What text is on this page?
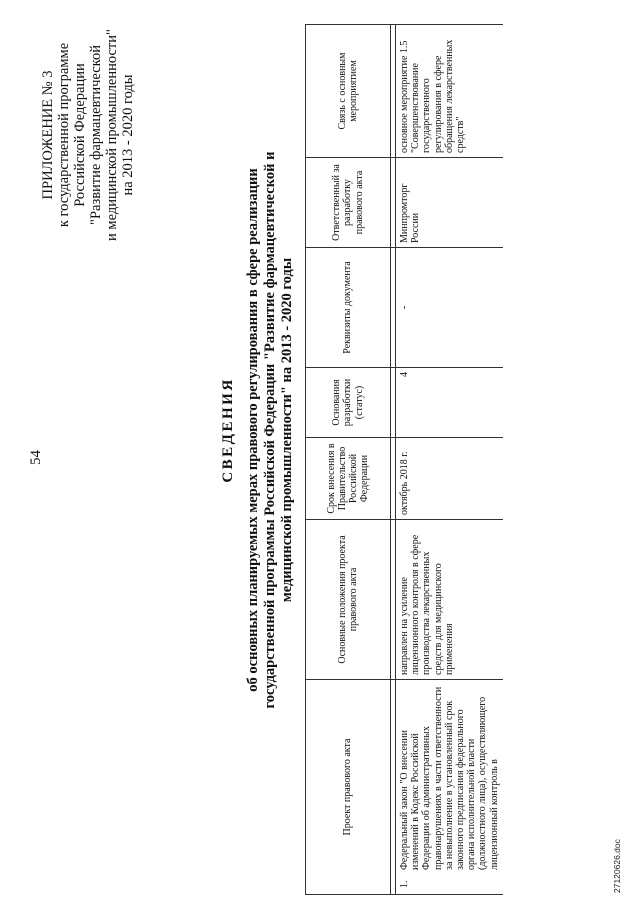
54
ПРИЛОЖЕНИЕ № 3 к государственной программе Российской Федерации "Развитие фармацевтической и медицинской промышленности" на 2013 - 2020 годы
СВЕДЕНИЯ об основных планируемых мерах правового регулирования в сфере реализации государственной программы Российской Федерации "Развитие фармацевтической и медицинской промышленности" на 2013 - 2020 годы
Проект правового акта	Основные положения проекта правового акта	Срок внесения в Правительство Российской Федерации	Основания разработки (статус)	Реквизиты документа	Ответственный за разработку правового акта	Связь с основным мероприятием

1.
Федеральный закон "О внесении изменений в Кодекс Российской Федерации об административных правонарушениях в части ответственности за невыполнение в установленный срок законного предписания федерального органа исполнительной власти (должностного лица), осуществляющего лицензионный контроль в	направлен на усиление лицензионного контроля в сфере производства лекарственных средств для медицинского применения	октябрь 2018 г.	4	-	Минпромторг России	основное мероприятие 1.5 "Совершенствование государственного регулирования в сфере обращения лекарственных средств"
27120626.doc
